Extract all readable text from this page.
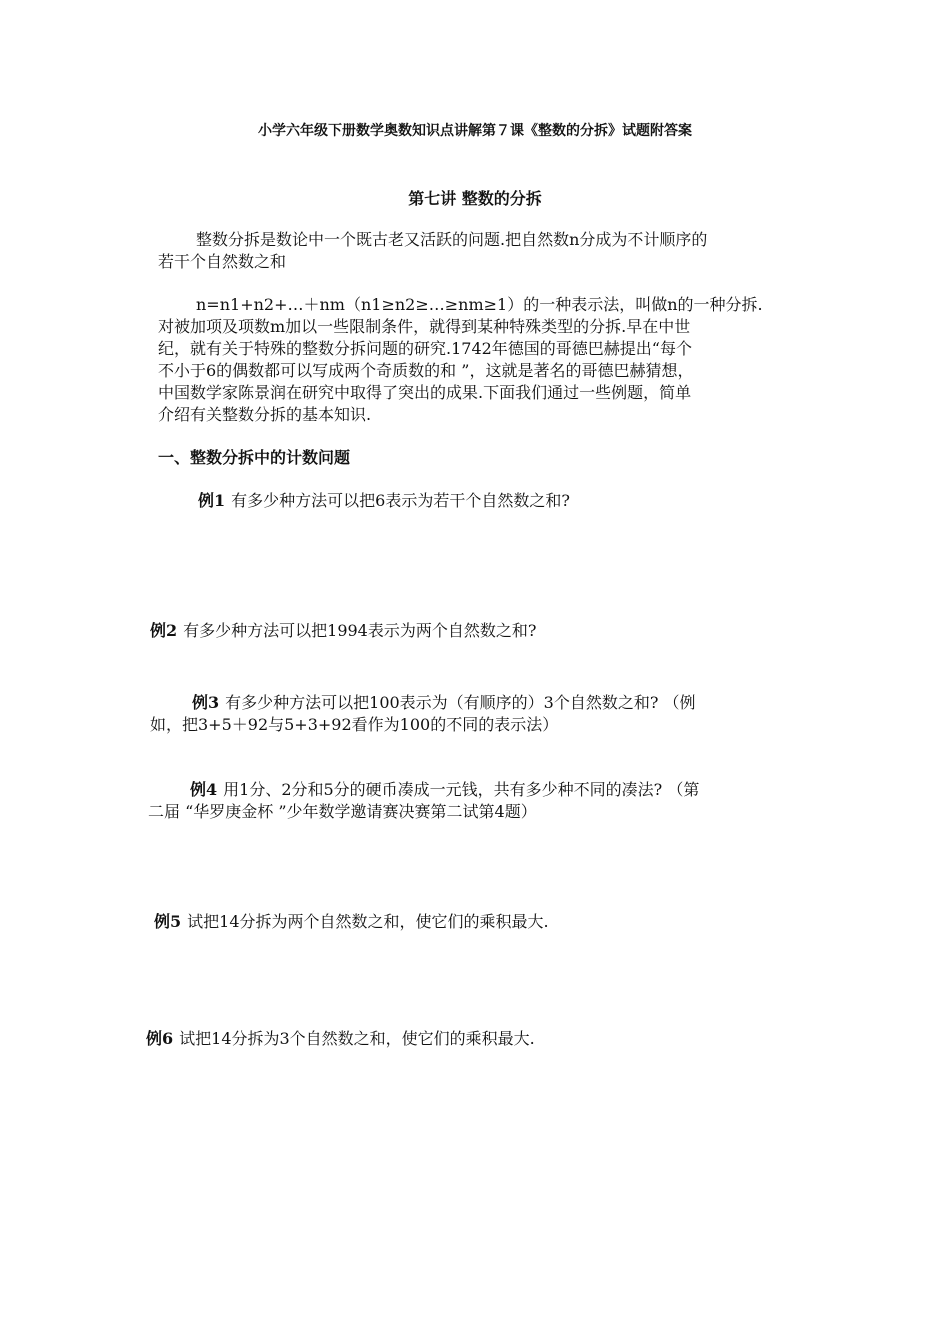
小学六年级下册数学奥数知识点讲解第７课《整数的分拆》试题附答案
第七讲 整数的分拆
整数分拆是数论中一个既古老又活跃的问题.把自然数n分成为不计顺序的
若干个自然数之和
n=n1+n2+…＋nm（n1≥n2≥…≥nm≥1）的一种表示法，叫做n的一种分拆.
对被加项及项数m加以一些限制条件，就得到某种特殊类型的分拆.早在中世
纪，就有关于特殊的整数分拆问题的研究.1742年德国的哥德巴赫提出“每个
不小于6的偶数都可以写成两个奇质数的和 ”，这就是著名的哥德巴赫猜想，
中国数学家陈景润在研究中取得了突出的成果.下面我们通过一些例题，简单
介绍有关整数分拆的基本知识.
一、整数分拆中的计数问题
例1 有多少种方法可以把6表示为若干个自然数之和?
例2 有多少种方法可以把1994表示为两个自然数之和?
例3 有多少种方法可以把100表示为（有顺序的）3个自然数之和? （例
如，把3+5＋92与5+3+92看作为100的不同的表示法）
例4 用1分、2分和5分的硬币凑成一元钱，共有多少种不同的凑法? （第
二届 “华罗庚金杯 ”少年数学邀请赛决赛第二试第4题）
例5 试把14分拆为两个自然数之和，使它们的乘积最大.
例6 试把14分拆为3个自然数之和，使它们的乘积最大.
